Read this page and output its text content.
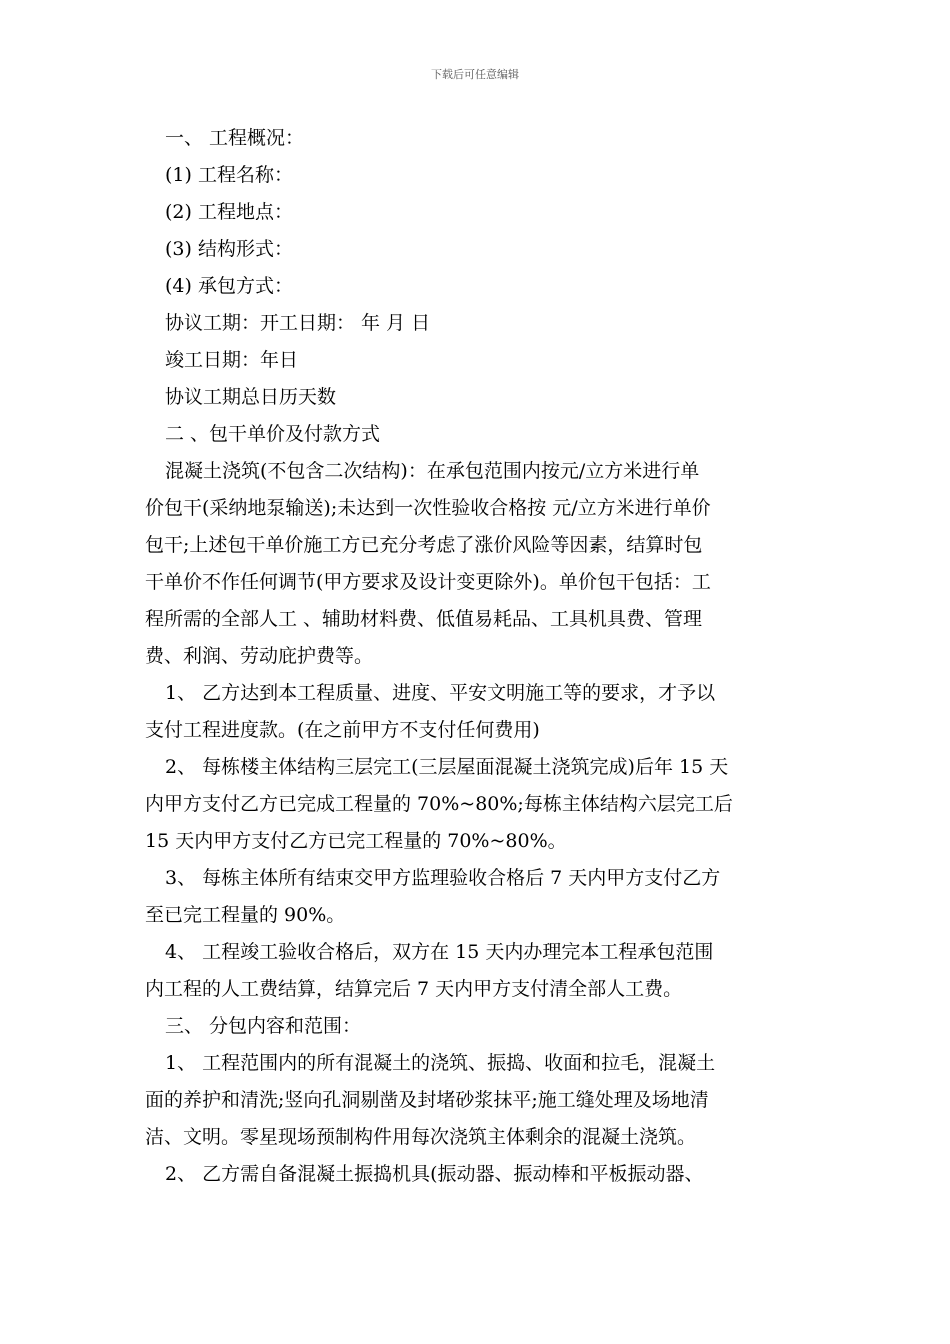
下载后可任意编辑
一、 工程概况：
(1) 工程名称：
(2) 工程地点：
(3) 结构形式：
(4) 承包方式：
协议工期：开工日期： 年 月 日
竣工日期：年日
协议工期总日历天数
二 、包干单价及付款方式
混凝土浇筑(不包含二次结构)：在承包范围内按元/立方米进行单
价包干(采纳地泵输送);未达到一次性验收合格按 元/立方米进行单价
包干;上述包干单价施工方已充分考虑了涨价风险等因素，结算时包
干单价不作任何调节(甲方要求及设计变更除外)。单价包干包括：工
程所需的全部人工 、辅助材料费、低值易耗品、工具机具费、管理
费、利润、劳动庇护费等。
1、 乙方达到本工程质量、进度、平安文明施工等的要求，才予以
支付工程进度款。(在之前甲方不支付任何费用)
2、 每栋楼主体结构三层完工(三层屋面混凝土浇筑完成)后年 15 天
内甲方支付乙方已完成工程量的 70%~80%;每栋主体结构六层完工后
15 天内甲方支付乙方已完工程量的 70%~80%。
3、 每栋主体所有结束交甲方监理验收合格后 7 天内甲方支付乙方
至已完工程量的 90%。
4、 工程竣工验收合格后，双方在 15 天内办理完本工程承包范围
内工程的人工费结算，结算完后 7 天内甲方支付清全部人工费。
三、 分包内容和范围：
1、 工程范围内的所有混凝土的浇筑、振捣、收面和拉毛，混凝土
面的养护和清洗;竖向孔洞剔凿及封堵砂浆抹平;施工缝处理及场地清
洁、文明。零星现场预制构件用每次浇筑主体剩余的混凝土浇筑。
2、 乙方需自备混凝土振捣机具(振动器、振动棒和平板振动器、
